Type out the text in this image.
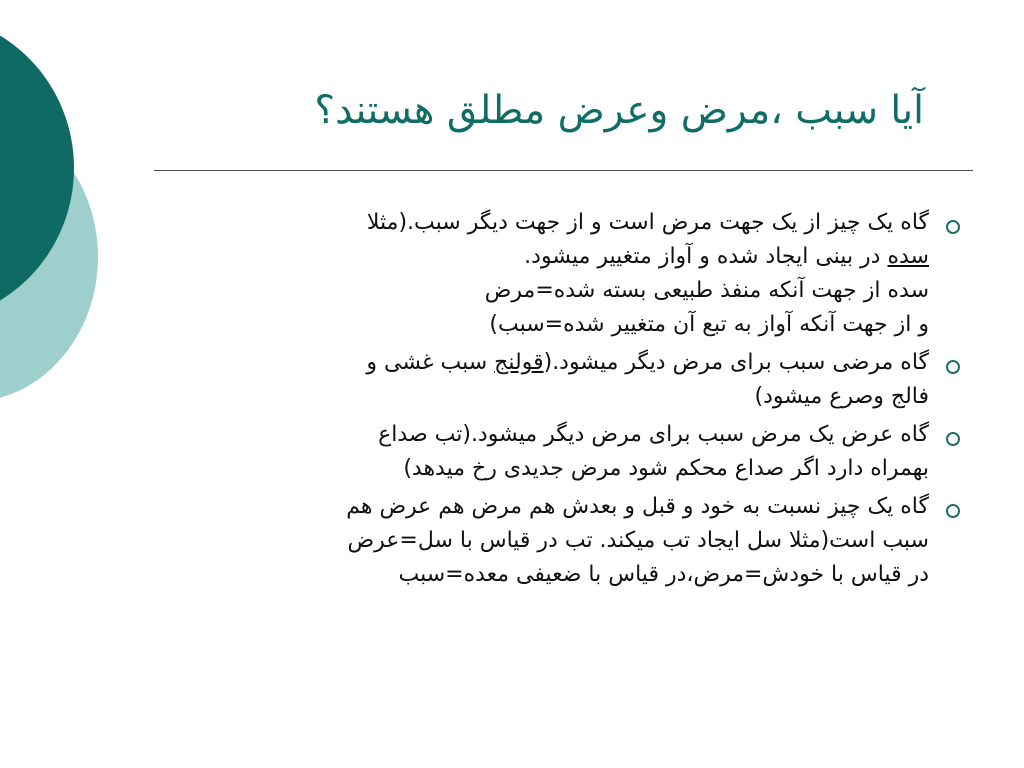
آیا سبب ،مرض وعرض مطلق هستند؟
گاه یک چیز از یک جهت مرض است و از جهت دیگر سبب.(مثلا
سده در بینی ایجاد شده و آواز متغییر میشود.
سده از جهت آنکه منفذ طبیعی بسته شده=مرض
و از جهت آنکه آواز به تبع آن متغییر شده=سبب)
گاه مرضی سبب برای مرض دیگر میشود.(قولنج سبب غشی و
فالج وصرع میشود)
گاه عرض یک مرض سبب برای مرض دیگر میشود.(تب صداع
بهمراه دارد اگر صداع محکم شود مرض جدیدی رخ میدهد)
گاه یک چیز نسبت به خود و قبل و بعدش هم مرض هم عرض هم
سبب است(مثلا سل ایجاد تب میکند. تب در قیاس با سل=عرض
در قیاس با خودش=مرض،در قیاس با ضعیفی معده=سبب
